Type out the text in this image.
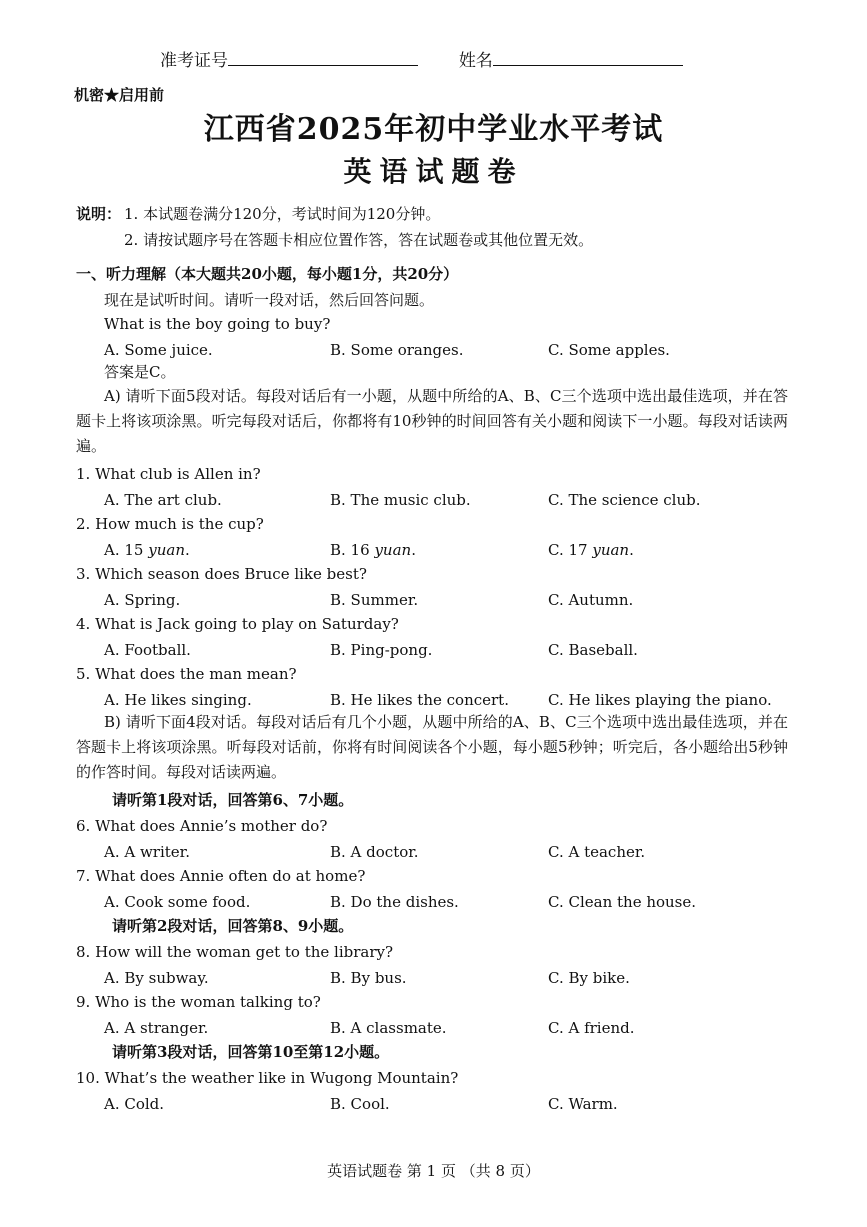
准考证号	姓名
机密★启用前
江西省2025年初中学业水平考试
英语试题卷
说明： 1. 本试题卷满分120分，考试时间为120分钟。
2. 请按试题序号在答题卡相应位置作答，答在试题卷或其他位置无效。
一、听力理解（本大题共20小题，每小题1分，共20分）
现在是试听时间。请听一段对话，然后回答问题。
What is the boy going to buy?
A. Some juice.	B. Some oranges.	C. Some apples.
答案是C。
A) 请听下面5段对话。每段对话后有一小题，从题中所给的A、B、C三个选项中选出最佳选项，并在答题卡上将该项涂黑。听完每段对话后，你都将有10秒钟的时间回答有关小题和阅读下一小题。每段对话读两遍。
1. What club is Allen in?
A. The art club.	B. The music club.	C. The science club.
2. How much is the cup?
A. 15 yuan.	B. 16 yuan.	C. 17 yuan.
3. Which season does Bruce like best?
A. Spring.	B. Summer.	C. Autumn.
4. What is Jack going to play on Saturday?
A. Football.	B. Ping-pong.	C. Baseball.
5. What does the man mean?
A. He likes singing.	B. He likes the concert.	C. He likes playing the piano.
B) 请听下面4段对话。每段对话后有几个小题，从题中所给的A、B、C三个选项中选出最佳选项，并在答题卡上将该项涂黑。听每段对话前，你将有时间阅读各个小题，每小题5秒钟；听完后，各小题给出5秒钟的作答时间。每段对话读两遍。
请听第1段对话，回答第6、7小题。
6. What does Annie’s mother do?
A. A writer.	B. A doctor.	C. A teacher.
7. What does Annie often do at home?
A. Cook some food.	B. Do the dishes.	C. Clean the house.
请听第2段对话，回答第8、9小题。
8. How will the woman get to the library?
A. By subway.	B. By bus.	C. By bike.
9. Who is the woman talking to?
A. A stranger.	B. A classmate.	C. A friend.
请听第3段对话，回答第10至第12小题。
10. What’s the weather like in Wugong Mountain?
A. Cold.	B. Cool.	C. Warm.
英语试题卷 第 1 页 （共 8 页）
